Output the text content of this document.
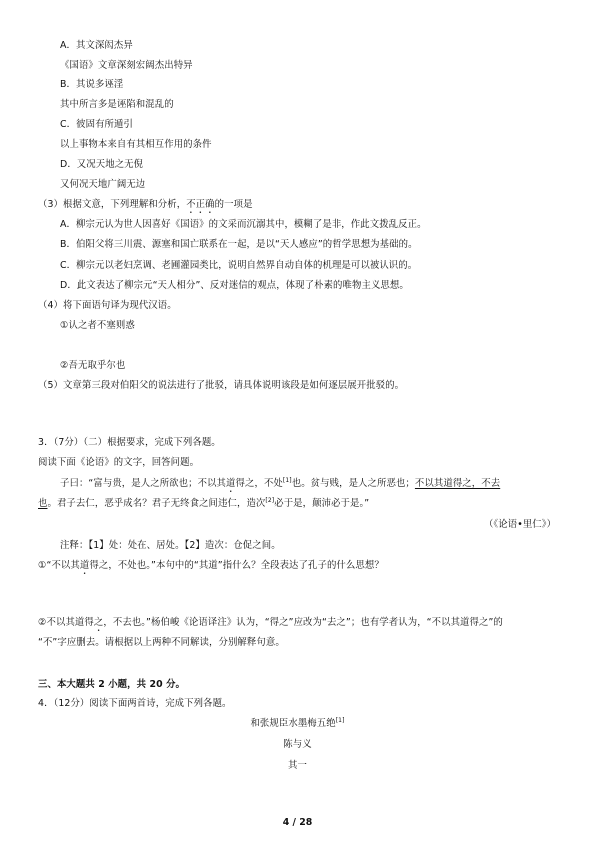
A．其文深闳杰异
《国语》文章深刻宏阔杰出特异
B．其说多诬淫
其中所言多是诬陷和混乱的
C．彼固有所遁引
以上事物本来自有其相互作用的条件
D．又况天地之无倪
又何况天地广阔无边
（3）根据文意，下列理解和分析，不正确的一项是
A．柳宗元认为世人因喜好《国语》的文采而沉溺其中，模糊了是非，作此文拨乱反正。
B．伯阳父将三川震、源塞和国亡联系在一起，是以“天人感应”的哲学思想为基础的。
C．柳宗元以老妇烹调、老圃灌园类比，说明自然界自动自体的机理是可以被认识的。
D．此文表达了柳宗元“天人相分”、反对迷信的观点，体现了朴素的唯物主义思想。
（4）将下面语句译为现代汉语。
①认之者不塞则惑
②吾无取乎尔也
（5）文章第三段对伯阳父的说法进行了批驳，请具体说明该段是如何逐层展开批驳的。
3．（7分）（二）根据要求，完成下列各题。
阅读下面《论语》的文字，回答问题。
子曰：“富与贵，是人之所欲也；不以其道得之，不处[1]也。贫与贱，是人之所恶也；不以其道得之，不去
也。君子去仁，恶乎成名？君子无终食之间违仁，造次[2]必于是，颠沛必于是。”
（《论语•里仁》）
注释：【1】处：处在、居处。【2】造次：仓促之间。
①“不以其道得之，不处也。”本句中的“其道”指什么？全段表达了孔子的什么思想？
②不以其道得之，不去也。”杨伯峻《论语译注》认为，“得之”应改为“去之”；也有学者认为，“不以其道得之”的
“不”字应删去。请根据以上两种不同解读，分别解释句意。
三、本大题共 2 小题，共 20 分。
4．（12分）阅读下面两首诗，完成下列各题。
和张规臣水墨梅五绝[1]
陈与义
其一
4 / 28
